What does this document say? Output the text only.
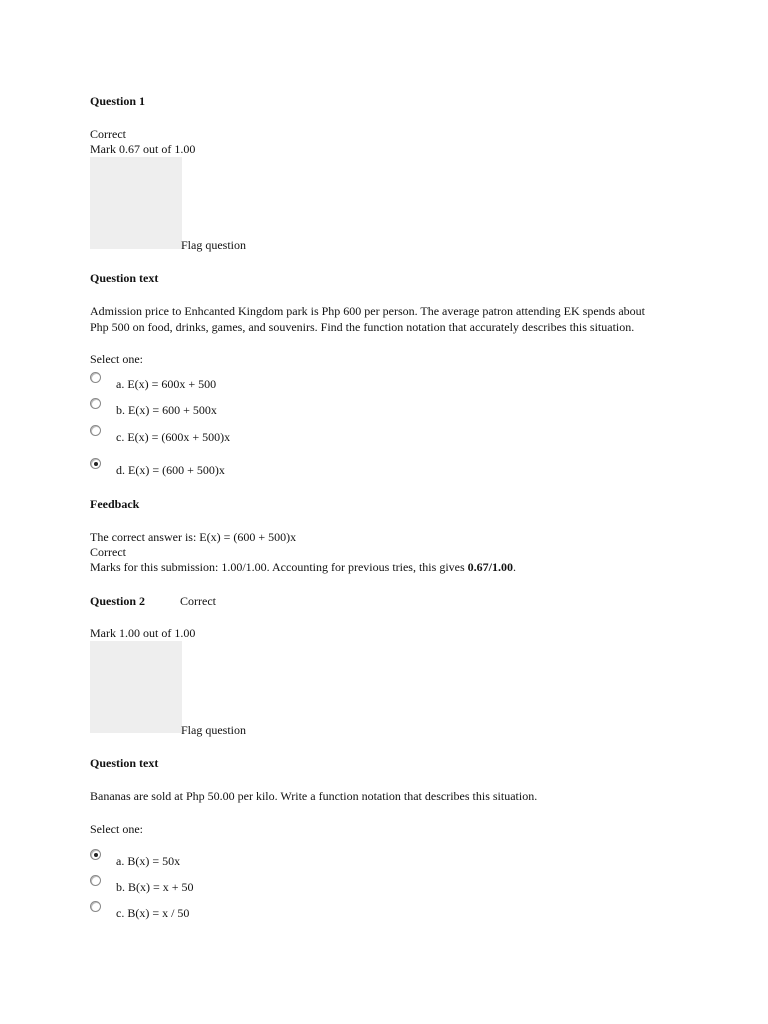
Question 1
Correct
Mark 0.67 out of 1.00
Flag question
Question text
Admission price to Enhcanted Kingdom park is Php 600 per person. The average patron attending EK spends about
Php 500 on food, drinks, games, and souvenirs. Find the function notation that accurately describes this situation.
Select one:
a. E(x) = 600x + 500
b. E(x) = 600 + 500x
c. E(x) = (600x + 500)x
d. E(x) = (600 + 500)x
Feedback
The correct answer is: E(x) = (600 + 500)x
Correct
Marks for this submission: 1.00/1.00. Accounting for previous tries, this gives 0.67/1.00.
Question 2	Correct
Mark 1.00 out of 1.00
Flag question
Question text
Bananas are sold at Php 50.00 per kilo. Write a function notation that describes this situation.
Select one:
a. B(x) = 50x
b. B(x) = x + 50
c. B(x) = x / 50
